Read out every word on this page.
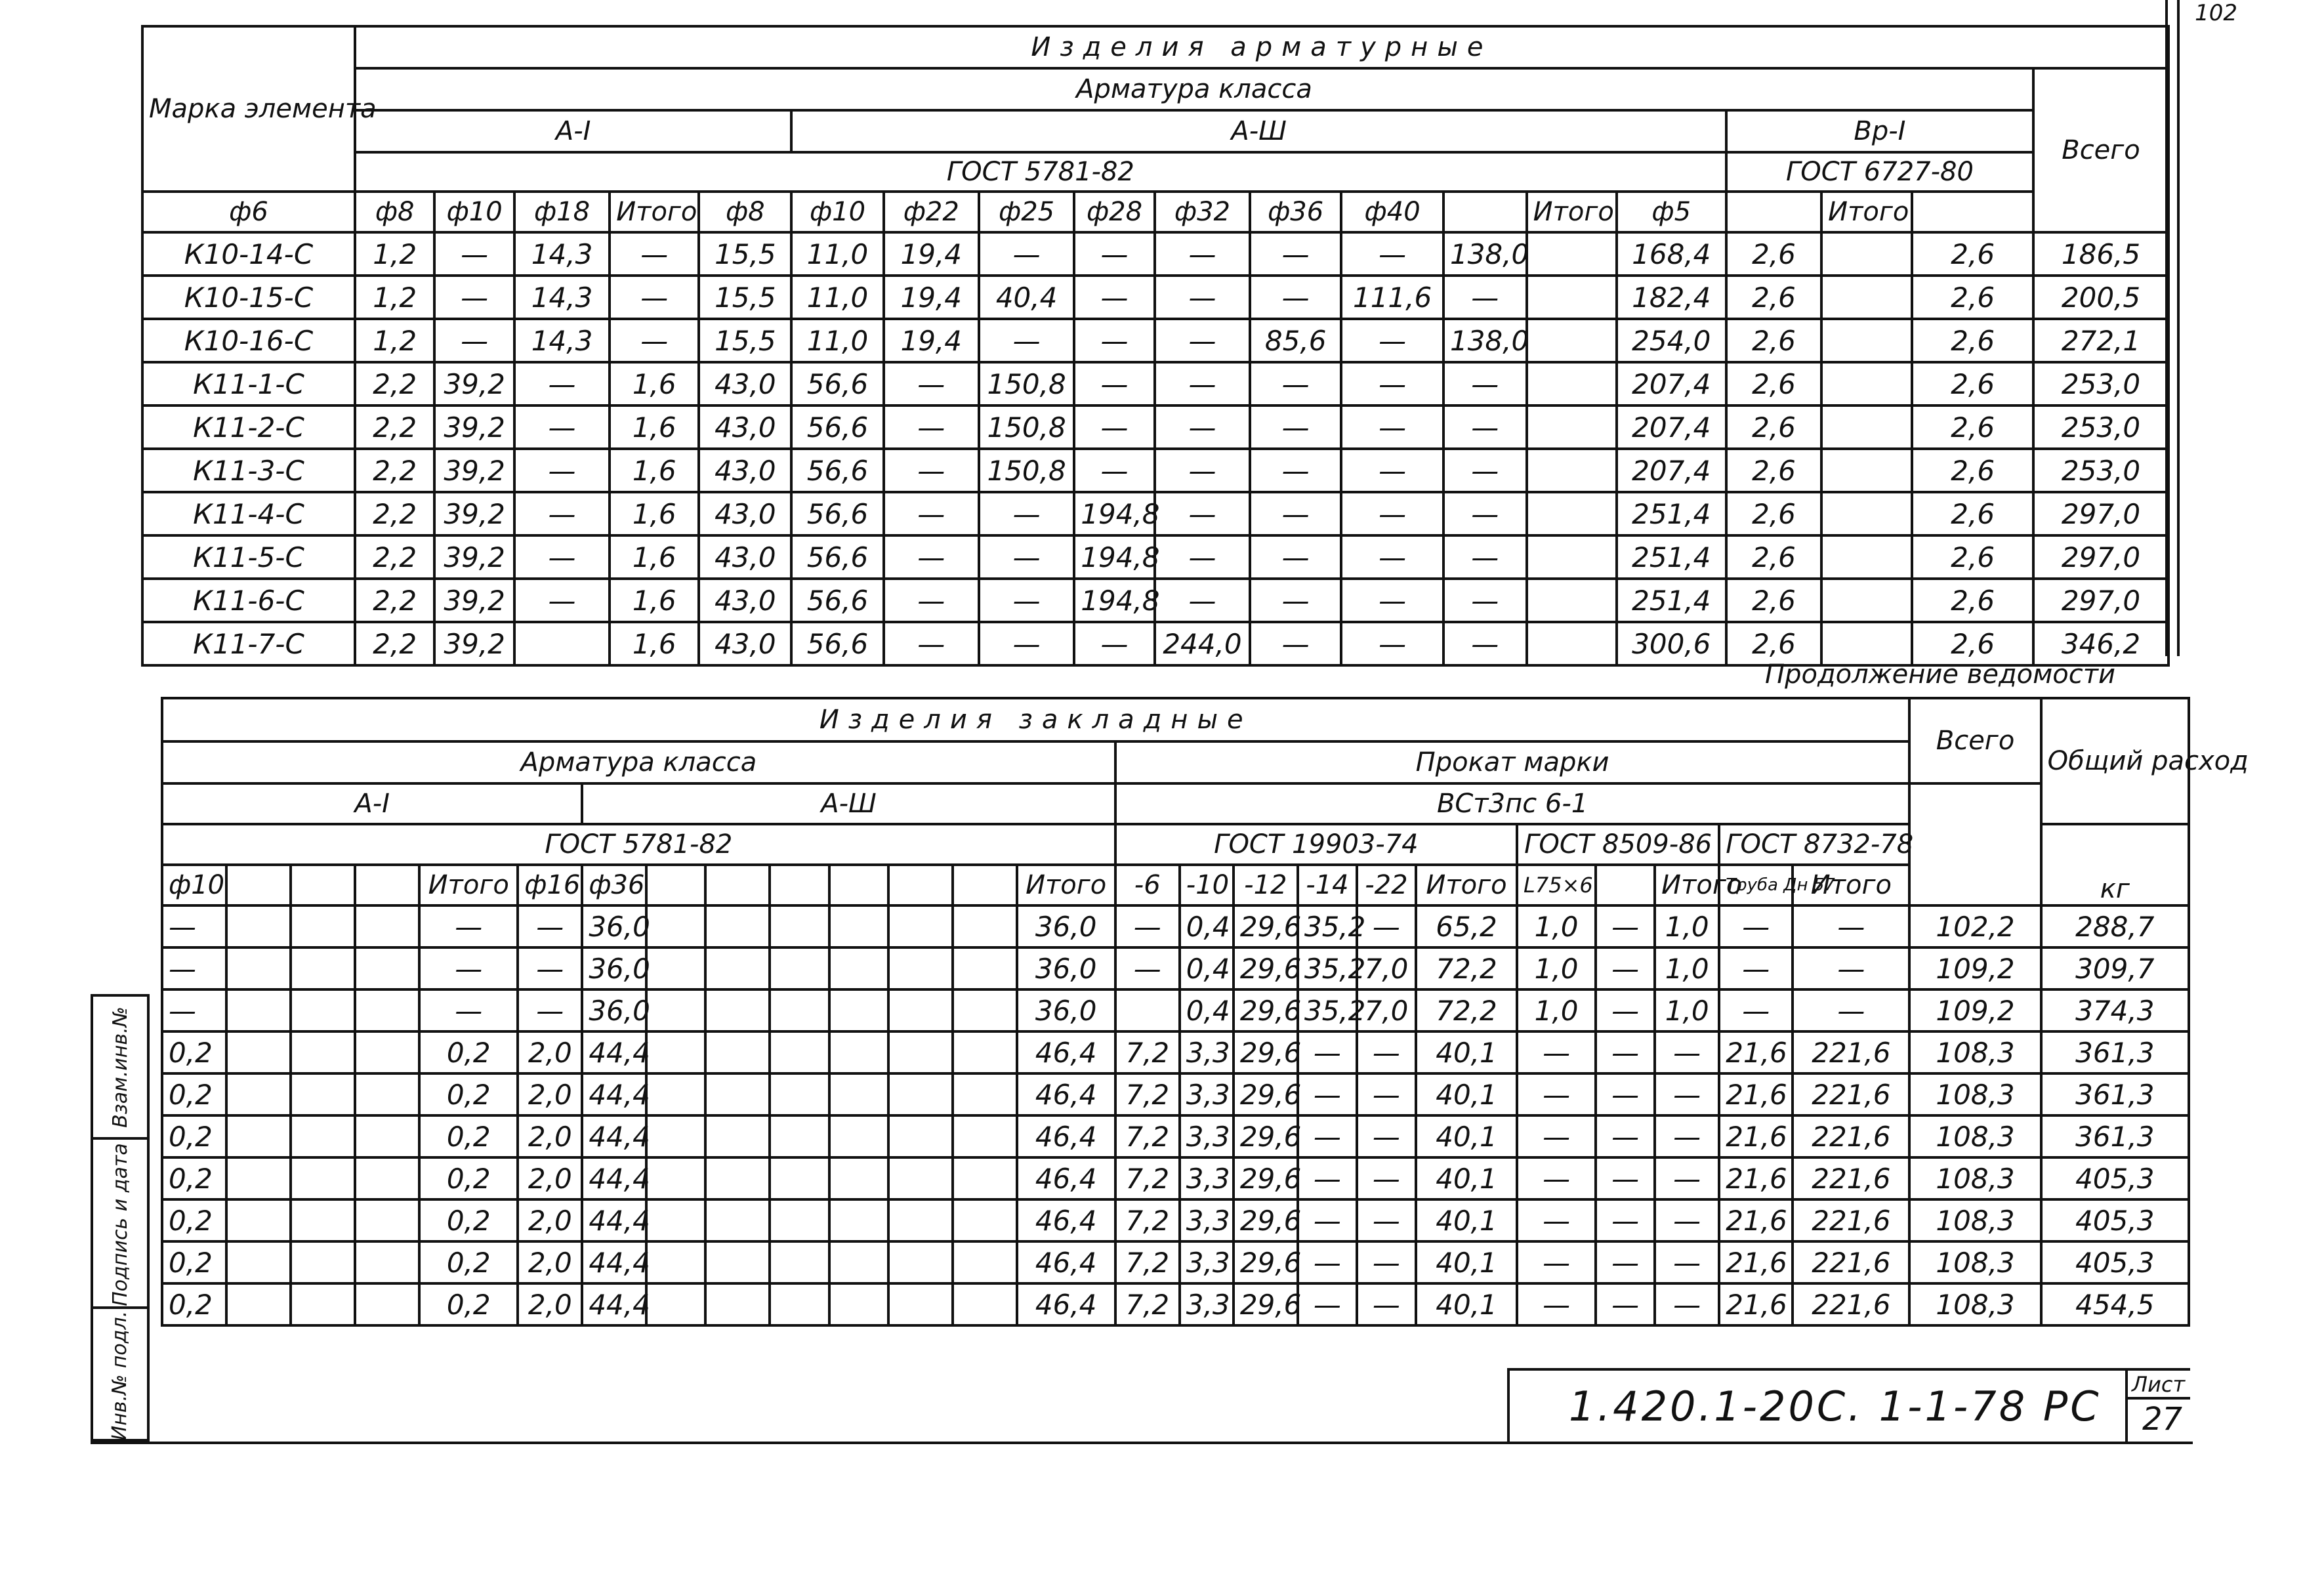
102
Марка элемента	Изделия арматурные																		
	Арматура класса																		Всего
	А-I					А-Ш										Вр-I			
	ГОСТ 5781-82															ГОСТ 6727-80			
ф6	ф8	ф10	ф18	Итого	ф8	ф10	ф22	ф25	ф28	ф32	ф36	ф40		Итого	ф5		Итого		
К10-14-С	1,2	—	14,3	—	15,5	11,0	19,4	—	—	—	—	—	138,0		168,4	2,6		2,6	186,5
К10-15-С	1,2	—	14,3	—	15,5	11,0	19,4	40,4	—	—	—	111,6	—		182,4	2,6		2,6	200,5
К10-16-С	1,2	—	14,3	—	15,5	11,0	19,4	—	—	—	85,6	—	138,0		254,0	2,6		2,6	272,1
К11-1-С	2,2	39,2	—	1,6	43,0	56,6	—	150,8	—	—	—	—	—		207,4	2,6		2,6	253,0
К11-2-С	2,2	39,2	—	1,6	43,0	56,6	—	150,8	—	—	—	—	—		207,4	2,6		2,6	253,0
К11-3-С	2,2	39,2	—	1,6	43,0	56,6	—	150,8	—	—	—	—	—		207,4	2,6		2,6	253,0
К11-4-С	2,2	39,2	—	1,6	43,0	56,6	—	—	194,8	—	—	—	—		251,4	2,6		2,6	297,0
К11-5-С	2,2	39,2	—	1,6	43,0	56,6	—	—	194,8	—	—	—	—		251,4	2,6		2,6	297,0
К11-6-С	2,2	39,2	—	1,6	43,0	56,6	—	—	194,8	—	—	—	—		251,4	2,6		2,6	297,0
К11-7-С	2,2	39,2		1,6	43,0	56,6	—	—	—	244,0	—	—	—		300,6	2,6		2,6	346,2
Продолжение ведомости
Изделия закладные																									Всего	Общий расход
Арматура класса														Прокат марки												
А-I						А-Ш								ВСт3пс 6-1												
ГОСТ 5781-82														ГОСТ 19903-74						ГОСТ 8509-86			ГОСТ 8732-78			кг
ф10				Итого	ф16	ф36							Итого	-6	-10	-12	-14	-22	Итого	L75×6		Итого	Труба Дн 57	Итого		
—				—	—	36,0							36,0	—	0,4	29,6	35,2	—	65,2	1,0	—	1,0	—	—	102,2	288,7
—				—	—	36,0							36,0	—	0,4	29,6	35,2	7,0	72,2	1,0	—	1,0	—	—	109,2	309,7
—				—	—	36,0							36,0		0,4	29,6	35,2	7,0	72,2	1,0	—	1,0	—	—	109,2	374,3
0,2				0,2	2,0	44,4							46,4	7,2	3,3	29,6	—	—	40,1	—	—	—	21,6	221,6	108,3	361,3
0,2				0,2	2,0	44,4							46,4	7,2	3,3	29,6	—	—	40,1	—	—	—	21,6	221,6	108,3	361,3
0,2				0,2	2,0	44,4							46,4	7,2	3,3	29,6	—	—	40,1	—	—	—	21,6	221,6	108,3	361,3
0,2				0,2	2,0	44,4							46,4	7,2	3,3	29,6	—	—	40,1	—	—	—	21,6	221,6	108,3	405,3
0,2				0,2	2,0	44,4							46,4	7,2	3,3	29,6	—	—	40,1	—	—	—	21,6	221,6	108,3	405,3
0,2				0,2	2,0	44,4							46,4	7,2	3,3	29,6	—	—	40,1	—	—	—	21,6	221,6	108,3	405,3
0,2				0,2	2,0	44,4							46,4	7,2	3,3	29,6	—	—	40,1	—	—	—	21,6	221,6	108,3	454,5
Взам.инв.№
Подпись и дата
Инв.№ подл.	1.420.1-20С. 1-1-78 РС Лист
27
